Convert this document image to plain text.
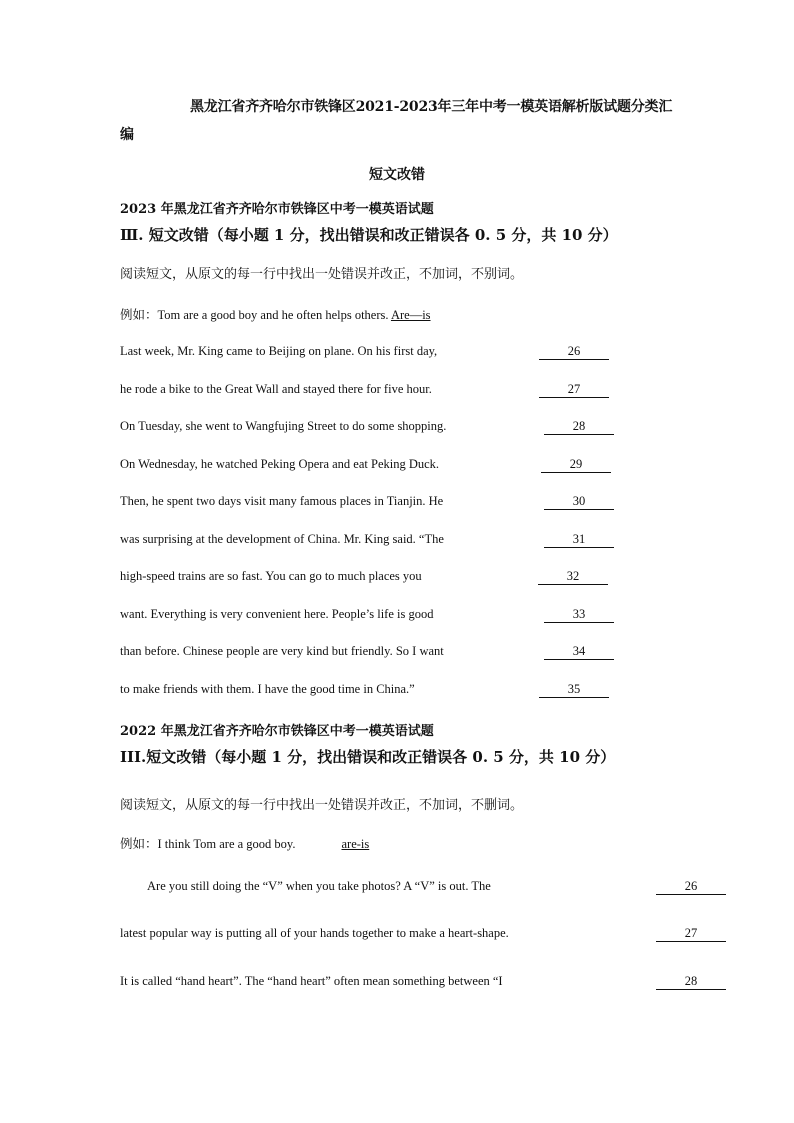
黑龙江省齐齐哈尔市铁锋区2021-2023年三年中考一模英语解析版试题分类汇
编
短文改错
2023 年黑龙江省齐齐哈尔市铁锋区中考一模英语试题
Ⅲ. 短文改错（每小题 1 分，找出错误和改正错误各 0. 5 分，共 10 分）
阅读短文，从原文的每一行中找出一处错误并改正，不加词，不别词。
例如：Tom are a good boy and he often helps others. Are—is
Last week, Mr. King came to Beijing on plane. On his first day,	26
he rode a bike to the Great Wall and stayed there for five hour.	27
On Tuesday, she went to Wangfujing Street to do some shopping.	28
On Wednesday, he watched Peking Opera and eat Peking Duck.	29
Then, he spent two days visit many famous places in Tianjin. He	30
was surprising at the development of China. Mr. King said. “The	31
high-speed trains are so fast. You can go to much places you	32
want. Everything is very convenient here. People’s life is good	33
than before. Chinese people are very kind but friendly. So I want	34
to make friends with them. I have the good time in China.”	35
2022 年黑龙江省齐齐哈尔市铁锋区中考一模英语试题
III.短文改错（每小题 1 分，找出错误和改正错误各 0. 5 分，共 10 分）
阅读短文，从原文的每一行中找出一处错误并改正，不加词，不删词。
例如：I think Tom are a good boy.	are-is
Are you still doing the “V” when you take photos? A “V” is out. The	26
latest popular way is putting all of your hands together to make a heart-shape.	27
It is called “hand heart”. The “hand heart” often mean something between “I	28
